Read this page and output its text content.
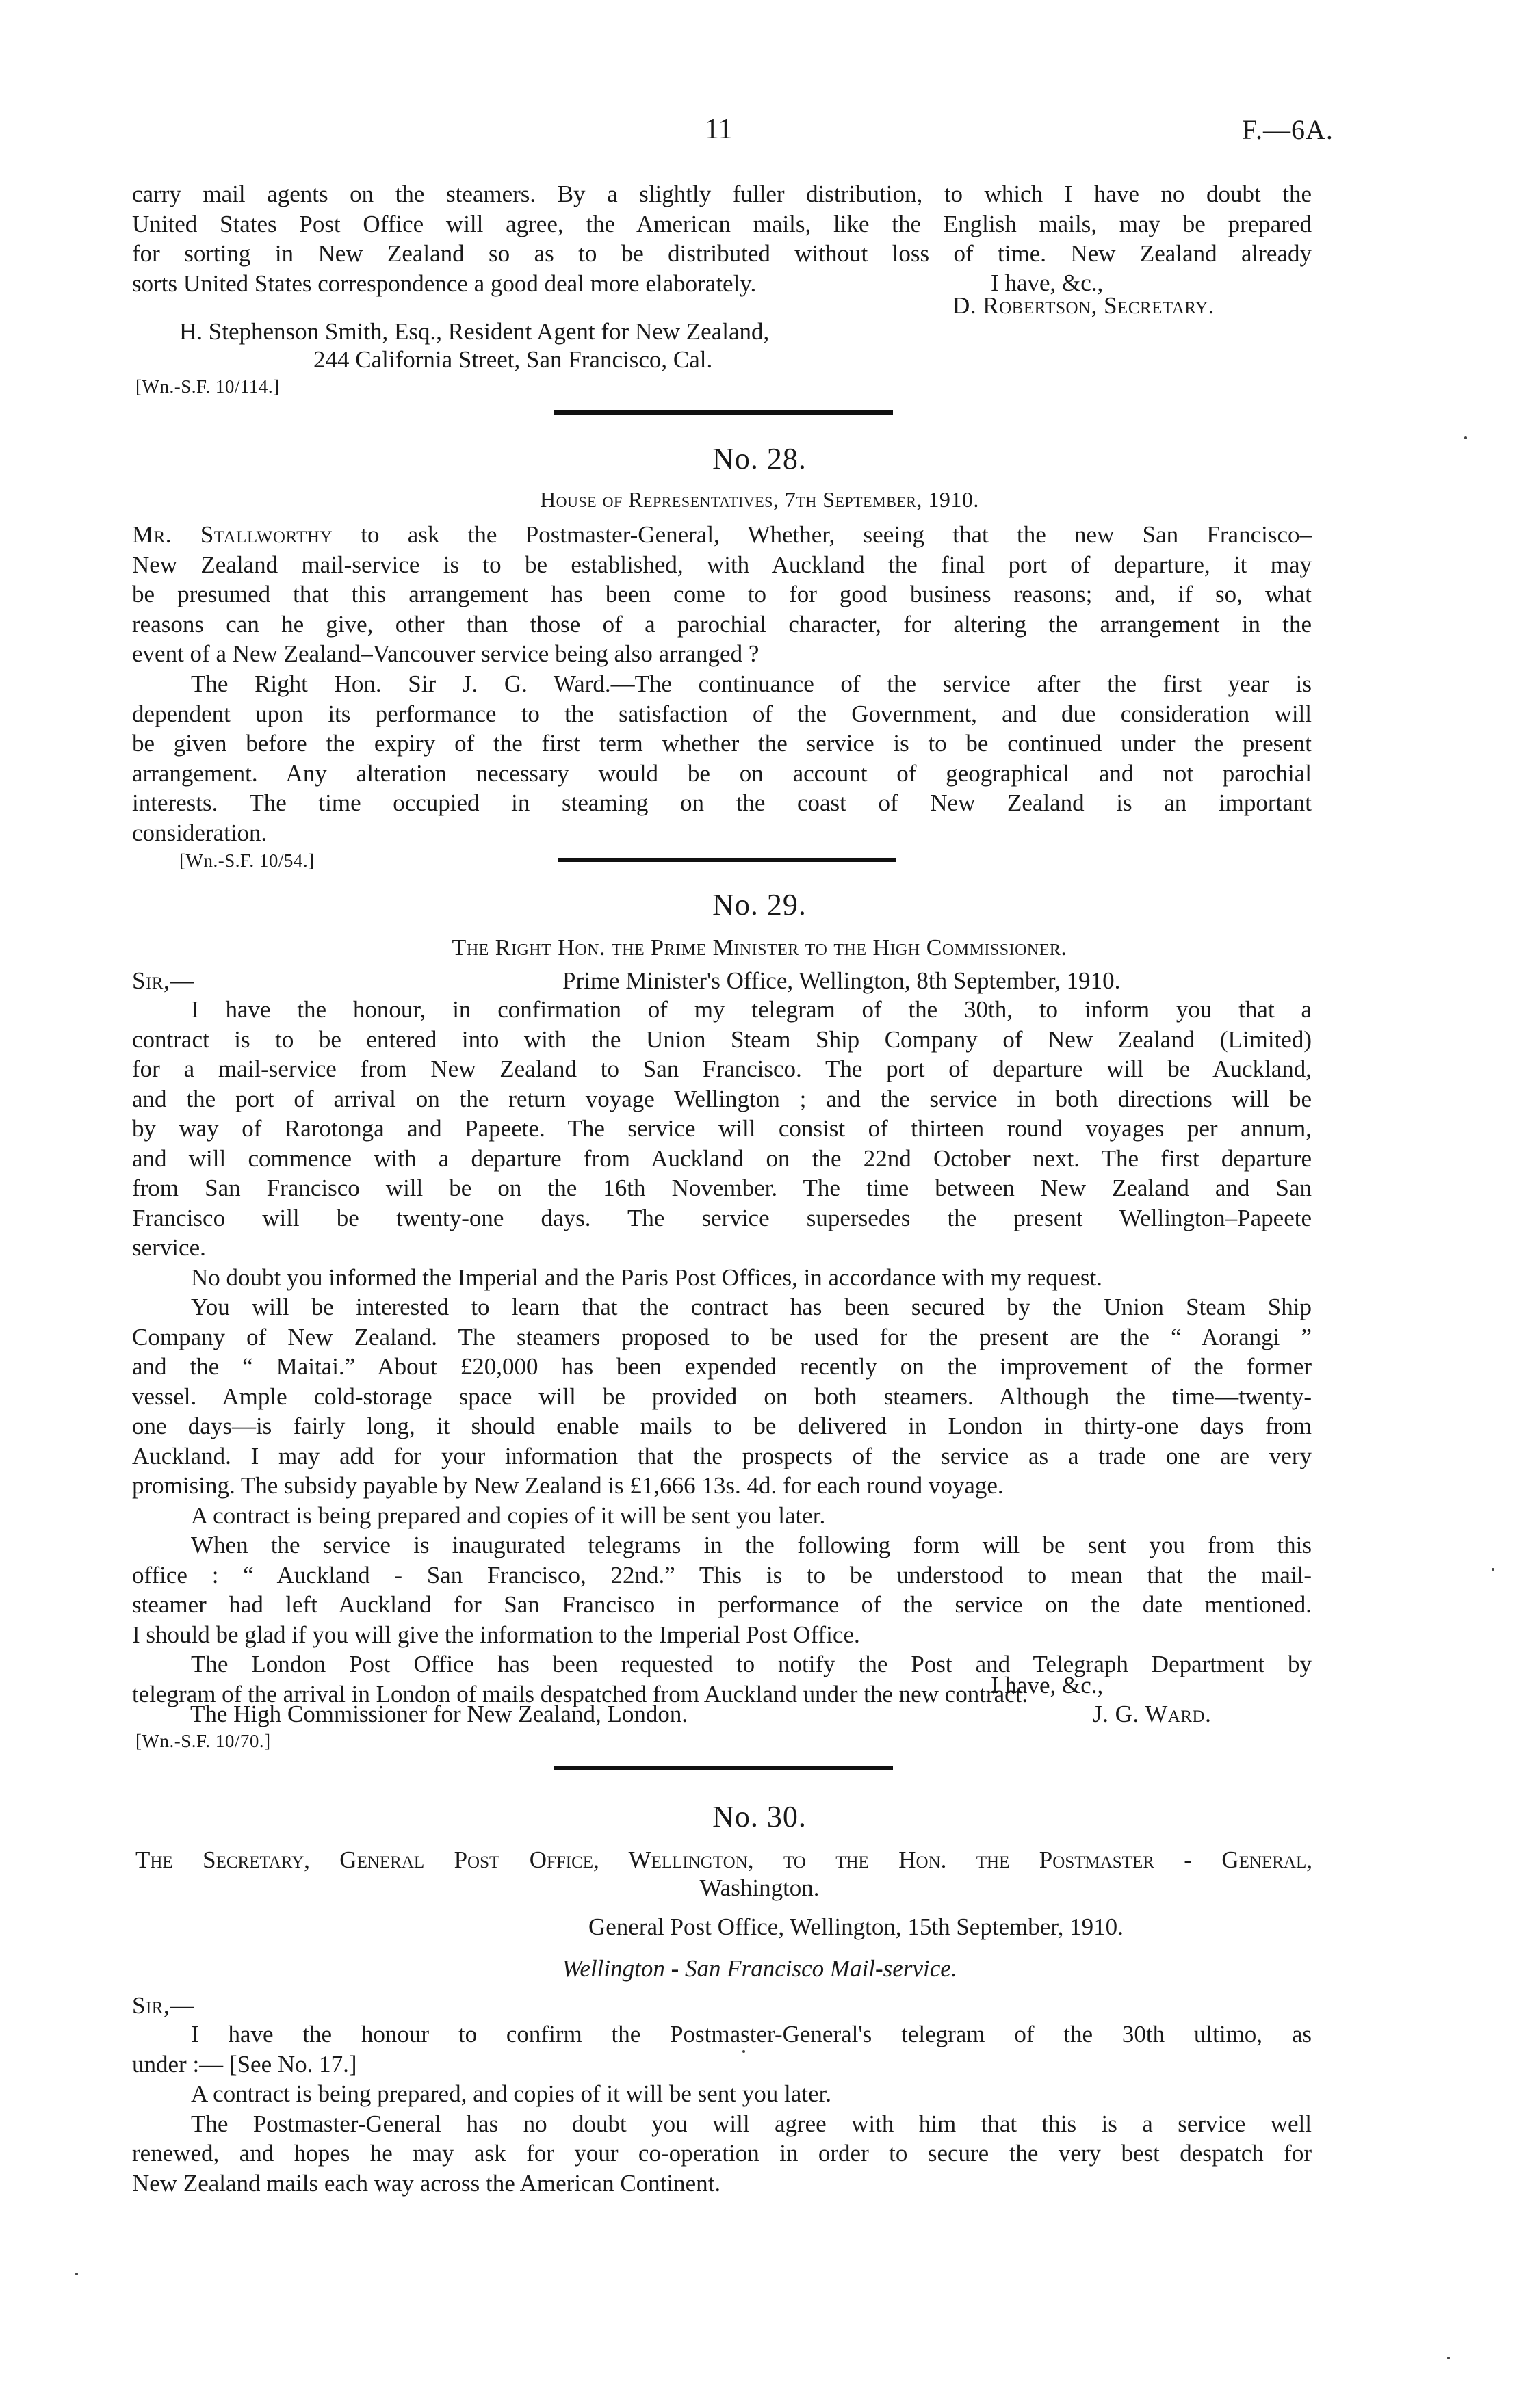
11	F.—6A.
carry mail agents on the steamers. By a slightly fuller distribution, to which I have no doubt the
United States Post Office will agree, the American mails, like the English mails, may be prepared
for sorting in New Zealand so as to be distributed without loss of time. New Zealand already
sorts United States correspondence a good deal more elaborately.	I have, &c.,
D. Robertson, Secretary.
H. Stephenson Smith, Esq., Resident Agent for New Zealand,
244 California Street, San Francisco, Cal.
[Wn.-S.F. 10/114.]
No. 28.
House of Representatives, 7th September, 1910.
Mr. Stallworthy to ask the Postmaster-General, Whether, seeing that the new San Francisco–
New Zealand mail-service is to be established, with Auckland the final port of departure, it may
be presumed that this arrangement has been come to for good business reasons; and, if so, what
reasons can he give, other than those of a parochial character, for altering the arrangement in the
event of a New Zealand–Vancouver service being also arranged ?
The Right Hon. Sir J. G. Ward.—The continuance of the service after the first year is
dependent upon its performance to the satisfaction of the Government, and due consideration will
be given before the expiry of the first term whether the service is to be continued under the present
arrangement. Any alteration necessary would be on account of geographical and not parochial
interests. The time occupied in steaming on the coast of New Zealand is an important
consideration.
[Wn.-S.F. 10/54.]
No. 29.
The Right Hon. the Prime Minister to the High Commissioner.
Sir,—	Prime Minister's Office, Wellington, 8th September, 1910.
I have the honour, in confirmation of my telegram of the 30th, to inform you that a
contract is to be entered into with the Union Steam Ship Company of New Zealand (Limited)
for a mail-service from New Zealand to San Francisco. The port of departure will be Auckland,
and the port of arrival on the return voyage Wellington ; and the service in both directions will be
by way of Rarotonga and Papeete. The service will consist of thirteen round voyages per annum,
and will commence with a departure from Auckland on the 22nd October next. The first departure
from San Francisco will be on the 16th November. The time between New Zealand and San
Francisco will be twenty-one days. The service supersedes the present Wellington–Papeete
service.
No doubt you informed the Imperial and the Paris Post Offices, in accordance with my request.
You will be interested to learn that the contract has been secured by the Union Steam Ship
Company of New Zealand. The steamers proposed to be used for the present are the “ Aorangi ”
and the “ Maitai.” About £20,000 has been expended recently on the improvement of the former
vessel. Ample cold-storage space will be provided on both steamers. Although the time—twenty-
one days—is fairly long, it should enable mails to be delivered in London in thirty-one days from
Auckland. I may add for your information that the prospects of the service as a trade one are very
promising. The subsidy payable by New Zealand is £1,666 13s. 4d. for each round voyage.
A contract is being prepared and copies of it will be sent you later.
When the service is inaugurated telegrams in the following form will be sent you from this
office : “ Auckland - San Francisco, 22nd.” This is to be understood to mean that the mail-
steamer had left Auckland for San Francisco in performance of the service on the date mentioned.
I should be glad if you will give the information to the Imperial Post Office.
The London Post Office has been requested to notify the Post and Telegraph Department by
telegram of the arrival in London of mails despatched from Auckland under the new contract.
I have, &c.,
The High Commissioner for New Zealand, London.	J. G. Ward.
[Wn.-S.F. 10/70.]
No. 30.
The Secretary, General Post Office, Wellington, to the Hon. the Postmaster - General,
Washington.
General Post Office, Wellington, 15th September, 1910.
Wellington - San Francisco Mail-service.
Sir,—
I have the honour to confirm the Postmaster-General's telegram of the 30th ultimo, as
under :— [See No. 17.]
A contract is being prepared, and copies of it will be sent you later.
The Postmaster-General has no doubt you will agree with him that this is a service well
renewed, and hopes he may ask for your co-operation in order to secure the very best despatch for
New Zealand mails each way across the American Continent.
